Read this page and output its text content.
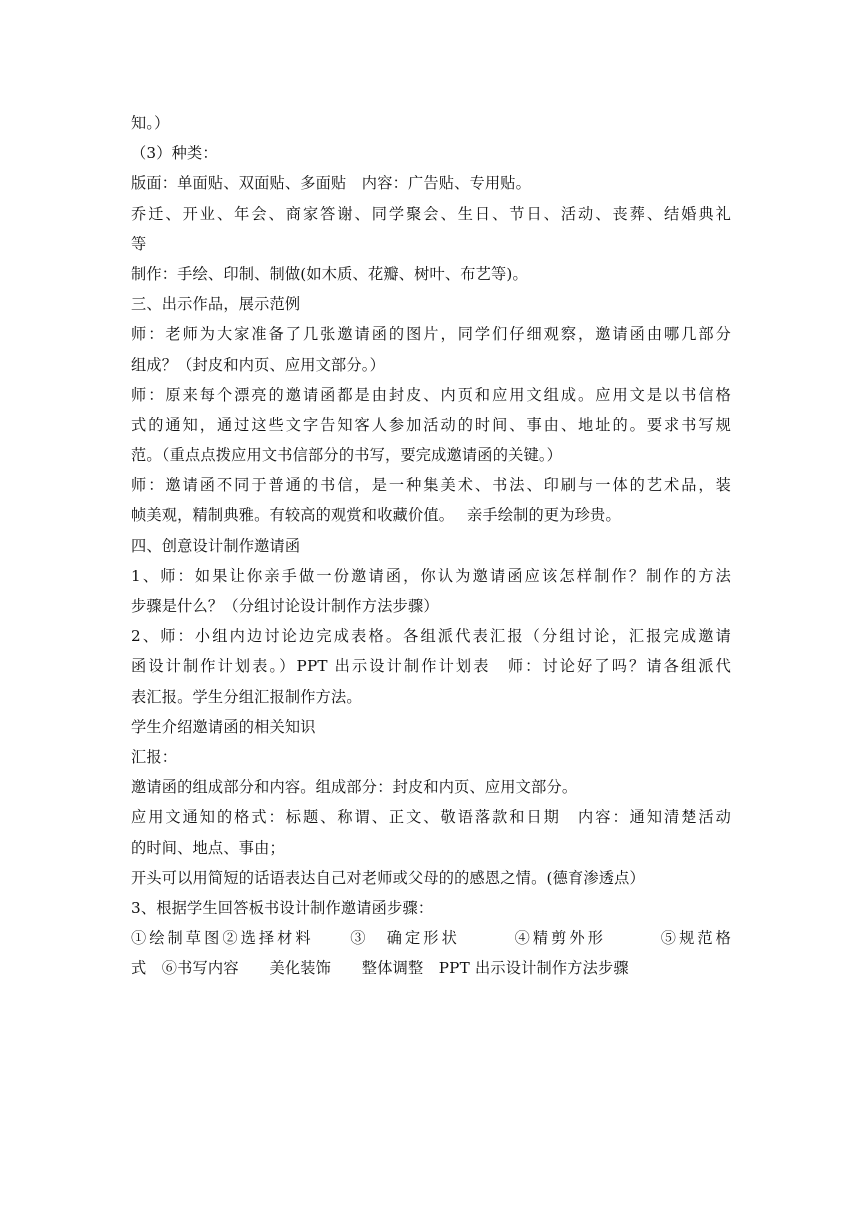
知。）
（3）种类：
版面：单面贴、双面贴、多面贴　内容：广告贴、专用贴。
乔迁、开业、年会、商家答谢、同学聚会、生日、节日、活动、丧葬、结婚典礼
等
制作：手绘、印制、制做(如木质、花瓣、树叶、布艺等)。
三、出示作品，展示范例
师：老师为大家准备了几张邀请函的图片，同学们仔细观察，邀请函由哪几部分
组成？（封皮和内页、应用文部分。）
师：原来每个漂亮的邀请函都是由封皮、内页和应用文组成。应用文是以书信格
式的通知，通过这些文字告知客人参加活动的时间、事由、地址的。要求书写规
范。（重点点拨应用文书信部分的书写，要完成邀请函的关键。）
师：邀请函不同于普通的书信，是一种集美术、书法、印刷与一体的艺术品，装
帧美观，精制典雅。有较高的观赏和收藏价值。　 亲手绘制的更为珍贵。
四、创意设计制作邀请函
1、师：如果让你亲手做一份邀请函，你认为邀请函应该怎样制作？制作的方法
步骤是什么？（分组讨论设计制作方法步骤）
2、师：小组内边讨论边完成表格。各组派代表汇报（分组讨论，汇报完成邀请
函设计制作计划表。）PPT 出示设计制作计划表　师：讨论好了吗？请各组派代
表汇报。学生分组汇报制作方法。
学生介绍邀请函的相关知识
汇报：
邀请函的组成部分和内容。组成部分：封皮和内页、应用文部分。
应用文通知的格式：标题、称谓、正文、敬语落款和日期　内容：通知清楚活动
的时间、地点、事由；
开头可以用简短的话语表达自己对老师或父母的的感恩之情。(德育渗透点）
3、根据学生回答板书设计制作邀请函步骤：
①绘制草图②选择材料　　③　确定形状　　　④精剪外形　　　⑤规范格
式　⑥书写内容　　美化装饰　　整体调整　PPT 出示设计制作方法步骤
